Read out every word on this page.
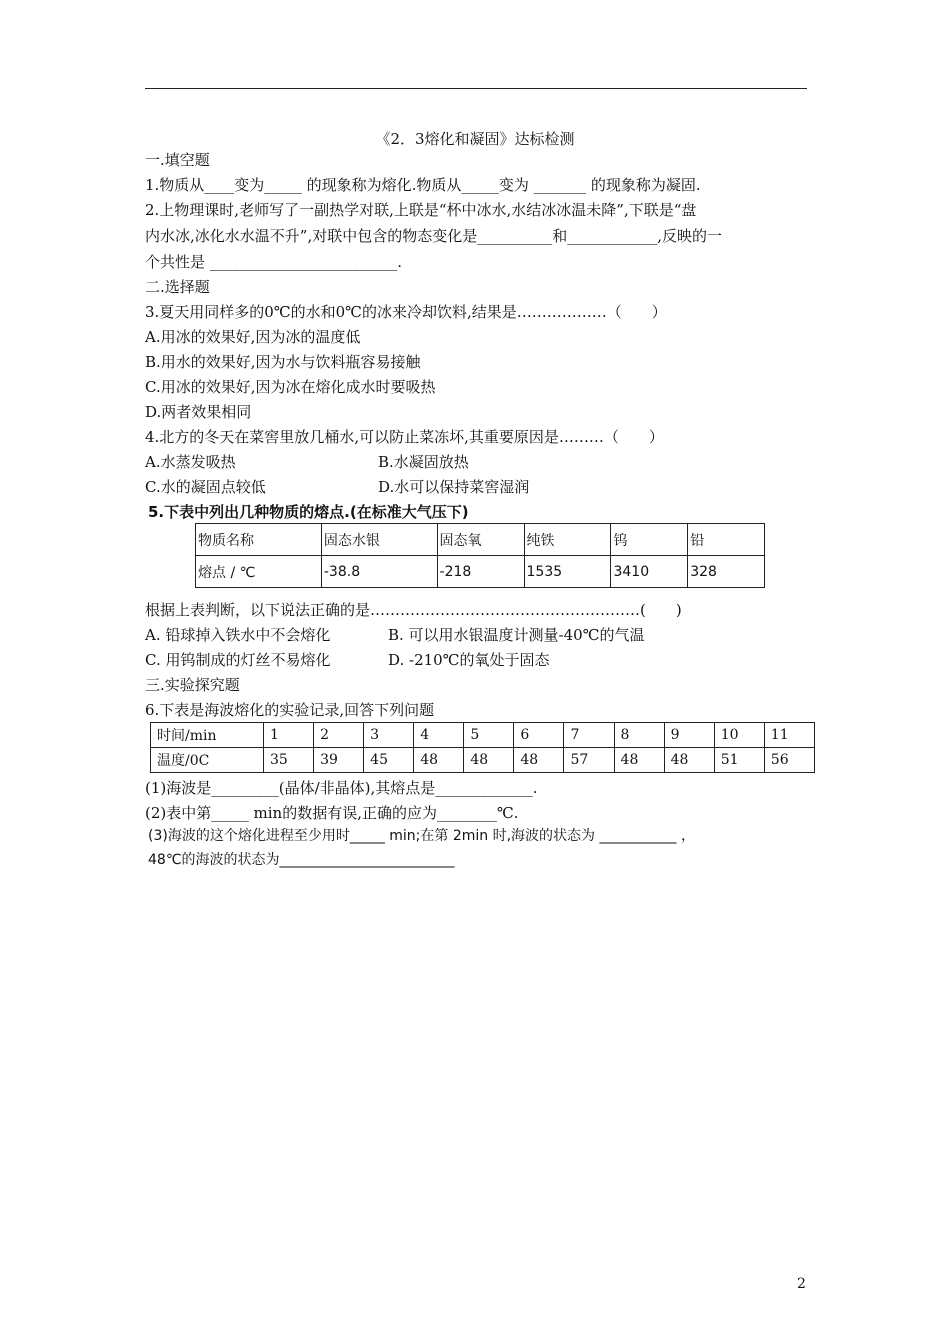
《2．3熔化和凝固》达标检测
一.填空题
1.物质从____变为_____ 的现象称为熔化.物质从_____变为 _______ 的现象称为凝固.
2.上物理课时,老师写了一副热学对联,上联是“杯中冰水,水结冰冰温未降”,下联是“盘
内水冰,冰化水水温不升”,对联中包含的物态变化是__________和____________,反映的一
个共性是 _________________________.
二.选择题
3.夏天用同样多的0℃的水和0℃的冰来冷却饮料,结果是………………（　　）
A.用冰的效果好,因为冰的温度低
B.用水的效果好,因为水与饮料瓶容易接触
C.用冰的效果好,因为冰在熔化成水时要吸热
D.两者效果相同
4.北方的冬天在菜窖里放几桶水,可以防止菜冻坏,其重要原因是………（　　）
A.水蒸发吸热	B.水凝固放热
C.水的凝固点较低	D.水可以保持菜窖湿润
5.下表中列出几种物质的熔点.(在标准大气压下)
物质名称	固态水银	固态氧	纯铁	钨	铅
熔点 / ℃	-38.8	-218	1535	3410	328
根据上表判断，以下说法正确的是………………………………………………(　　)
A. 铅球掉入铁水中不会熔化	B. 可以用水银温度计测量-40℃的气温
C. 用钨制成的灯丝不易熔化	D. -210℃的氧处于固态
三.实验探究题
6.下表是海波熔化的实验记录,回答下列问题
时间/min	1	2	3	4	5	6	7	8	9	10	11
温度/0C	35	39	45	48	48	48	57	48	48	51	56
(1)海波是_________(晶体/非晶体),其熔点是_____________.
(2)表中第_____ min的数据有误,正确的应为________℃.
(3)海波的这个熔化进程至少用时_____ min;在第 2min 时,海波的状态为 ___________ ，
48℃的海波的状态为_________________________
2
